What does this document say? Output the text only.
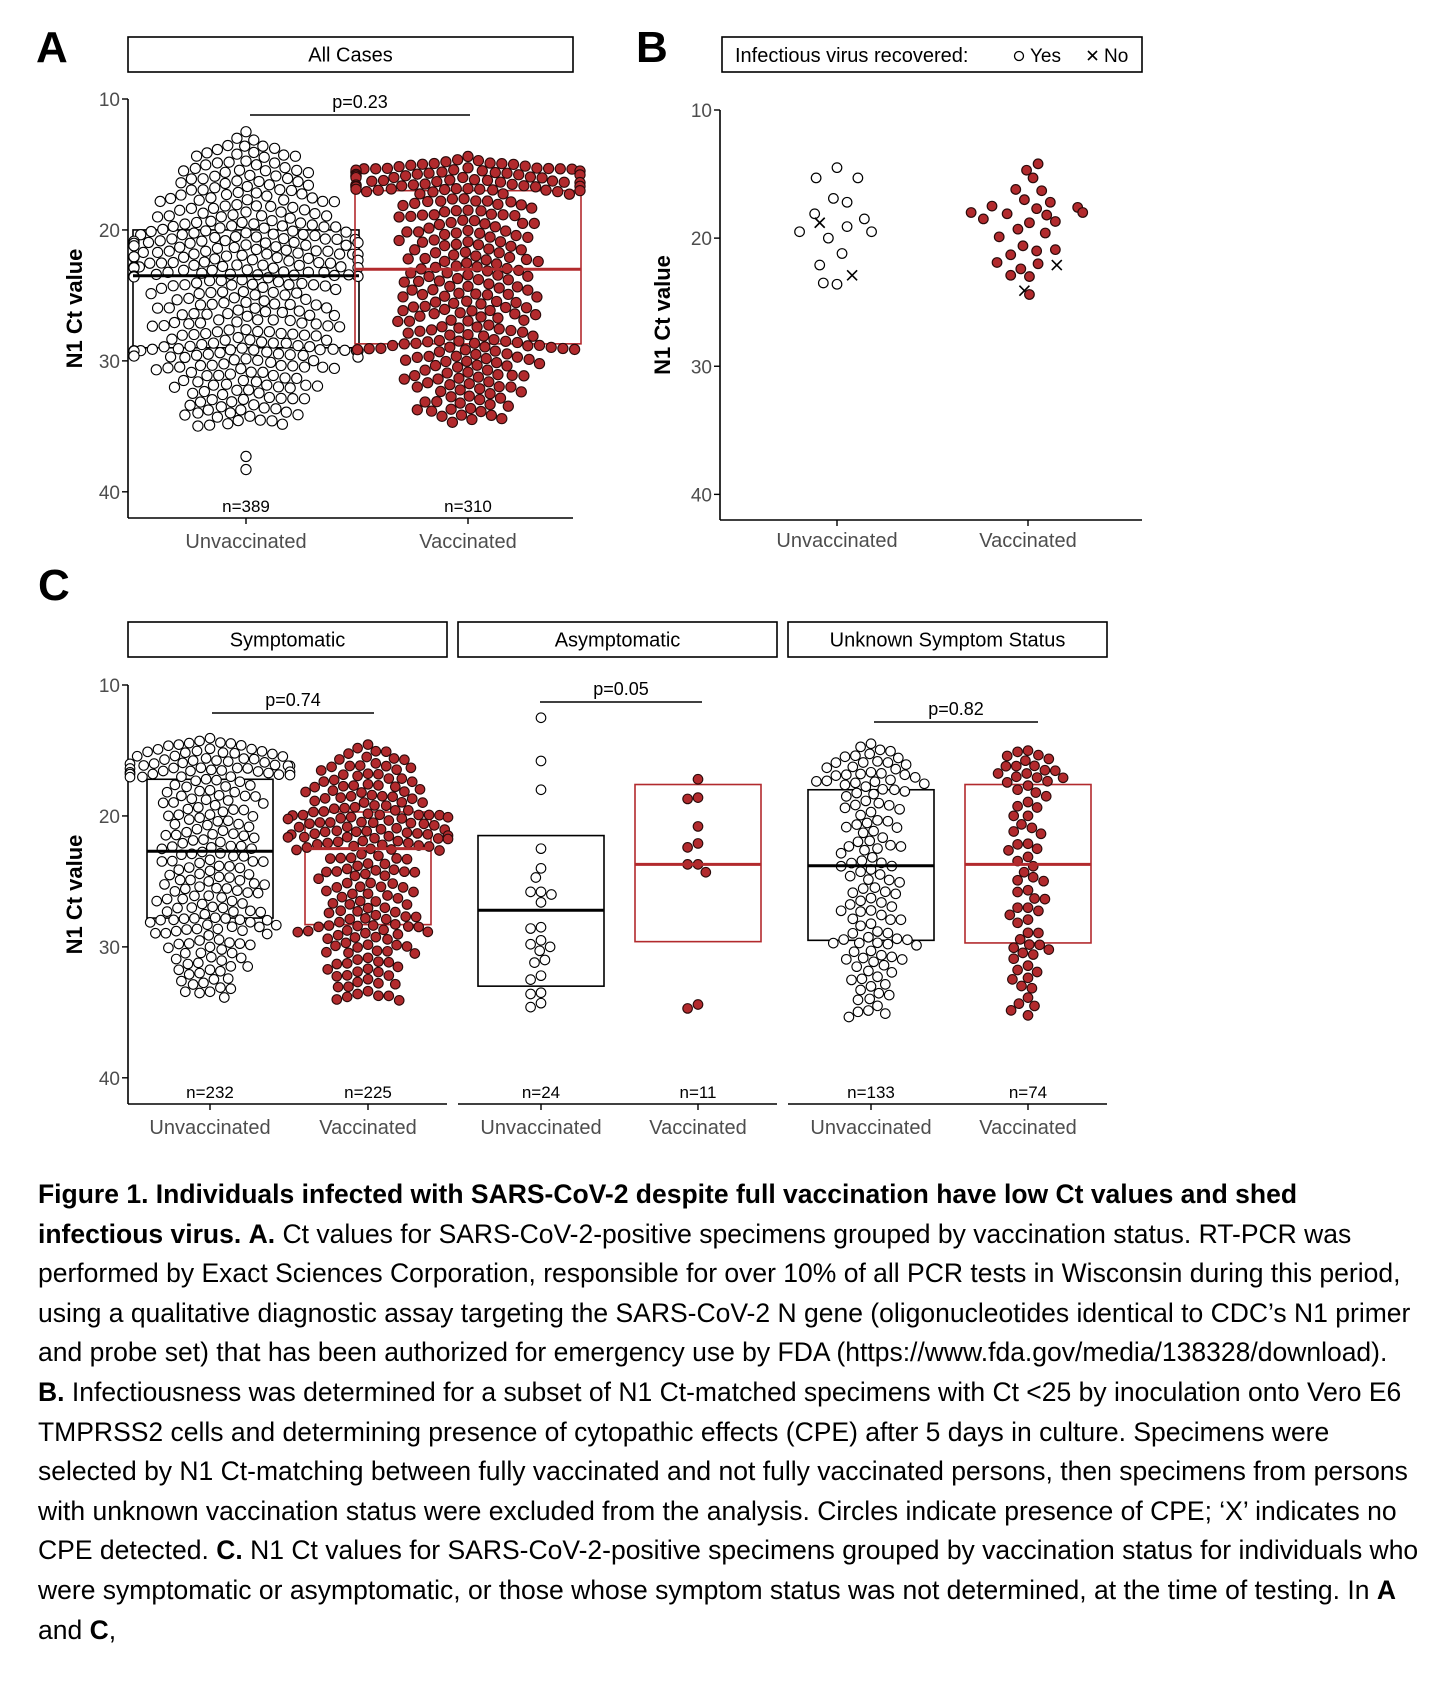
A	All Cases
10
20
30
40
N1 Ct value
Unvaccinated
n=389
Vaccinated
n=310
p=0.23
B	Infectious virus recovered:	Yes No
10
20
30
40
N1 Ct value
Unvaccinated	Vaccinated
C
10
20
30
40
N1 Ct value
Symptomatic
Unvaccinated
n=232
Vaccinated
n=225
p=0.74
Asymptomatic
Unvaccinated
n=24
Vaccinated
n=11
p=0.05
Unknown Symptom Status
Unvaccinated
n=133
Vaccinated
n=74
p=0.82

Figure 1. Individuals infected with SARS-CoV-2 despite full vaccination have low Ct values and shed infectious virus. A. Ct values for SARS-CoV-2-positive specimens grouped by vaccination status. RT-PCR was performed by Exact Sciences Corporation, responsible for over 10% of all PCR tests in Wisconsin during this period, using a qualitative diagnostic assay targeting the SARS-CoV-2 N gene (oligonucleotides identical to CDC’s N1 primer and probe set) that has been authorized for emergency use by FDA (https://www.fda.gov/media/138328/download).  B. Infectiousness was determined for a subset of N1 Ct-matched specimens with Ct <25 by inoculation onto Vero E6 TMPRSS2 cells and determining presence of cytopathic effects (CPE) after 5 days in culture. Specimens were selected by N1 Ct-matching between fully vaccinated and not fully vaccinated persons, then specimens from persons with unknown vaccination status were excluded from the analysis. Circles indicate presence of CPE; ‘X’ indicates no CPE detected. C. N1 Ct values for SARS-CoV-2-positive specimens grouped by vaccination status for individuals who were symptomatic or asymptomatic, or those whose symptom status was not determined, at the time of testing. In A and C,
